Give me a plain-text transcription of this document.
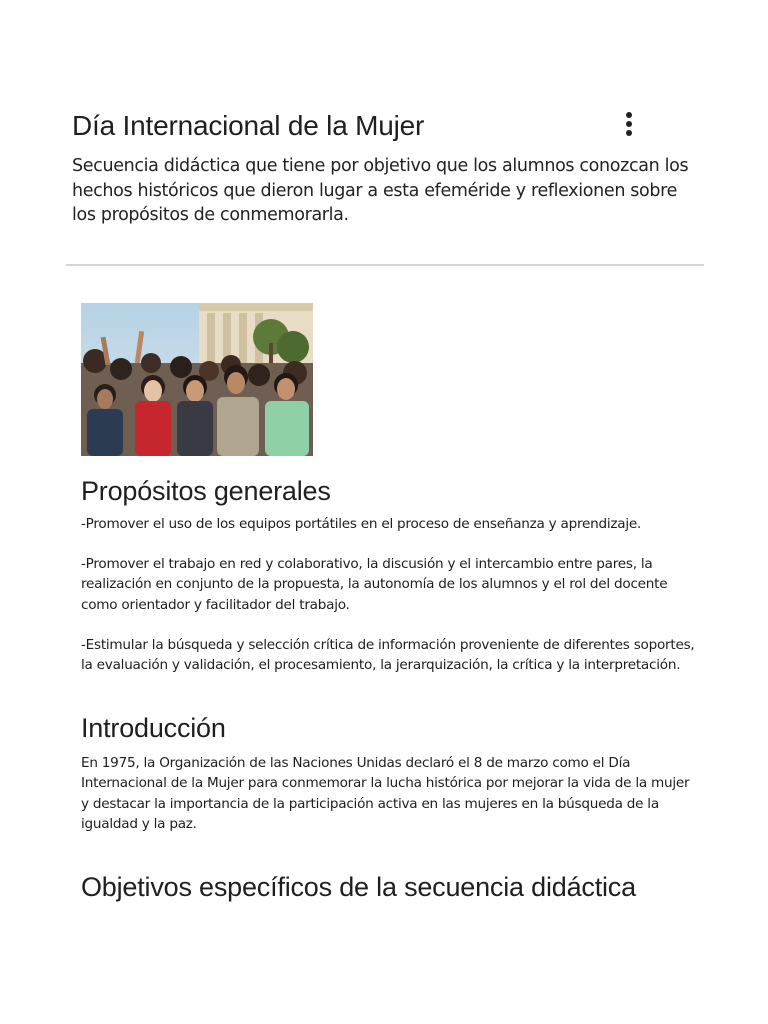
Día Internacional de la Mujer

Secuencia didáctica que tiene por objetivo que los alumnos conozcan los hechos históricos que dieron lugar a esta efeméride y reflexionen sobre los propósitos de conmemorarla.

Propósitos generales

-Promover el uso de los equipos portátiles en el proceso de enseñanza y aprendizaje.

-Promover el trabajo en red y colaborativo, la discusión y el intercambio entre pares, la realización en conjunto de la propuesta, la autonomía de los alumnos y el rol del docente como orientador y facilitador del trabajo.

-Estimular la búsqueda y selección crítica de información proveniente de diferentes soportes, la evaluación y validación, el procesamiento, la jerarquización, la crítica y la interpretación.

Introducción

En 1975, la Organización de las Naciones Unidas declaró el 8 de marzo como el Día Internacional de la Mujer para conmemorar la lucha histórica por mejorar la vida de la mujer y destacar la importancia de la participación activa en las mujeres en la búsqueda de la igualdad y la paz.

Objetivos específicos de la secuencia didáctica
